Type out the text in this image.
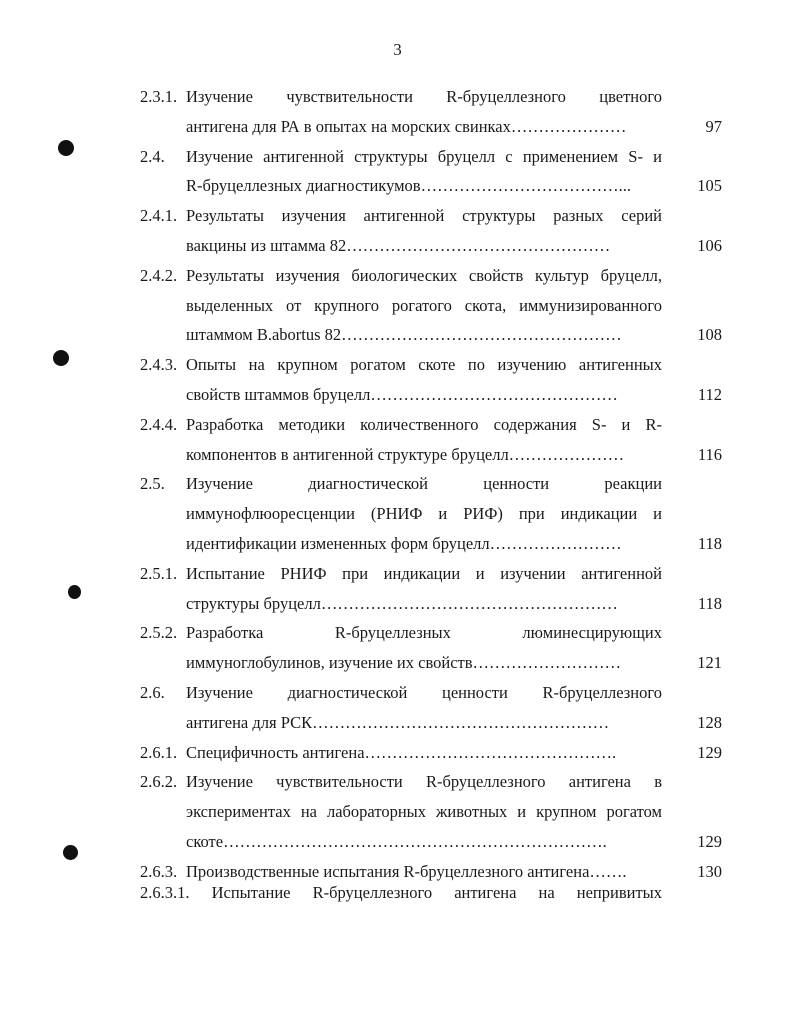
3
2.3.1. Изучение чувствительности R-бруцеллезного цветного
антигена для РА в опытах на морских свинках…………………	97
2.4. Изучение антигенной структуры бруцелл с применением S- и
R-бруцеллезных диагностикумов………………………………...	105
2.4.1. Результаты изучения антигенной структуры разных серий
вакцины из штамма 82…………………………………………	106
2.4.2. Результаты изучения биологических свойств культур бруцелл,
выделенных от крупного рогатого скота, иммунизированного
штаммом B.abortus 82……………………………………………	108
2.4.3. Опыты на крупном рогатом скоте по изучению антигенных
свойств штаммов бруцелл………………………………………	112
2.4.4. Разработка методики количественного содержания S- и R-
компонентов в антигенной структуре бруцелл…………………	116
2.5. Изучение диагностической ценности реакции
иммунофлюоресценции (РНИФ и РИФ) при индикации и
идентификации измененных форм бруцелл……………………	118
2.5.1. Испытание РНИФ при индикации и изучении антигенной
структуры бруцелл………………………………………………	118
2.5.2. Разработка R-бруцеллезных люминесцирующих
иммуноглобулинов, изучение их свойств………………………	121
2.6. Изучение диагностической ценности R-бруцеллезного
антигена для РСК………………………………………………	128
2.6.1. Специфичность антигена……………………………………….	129
2.6.2. Изучение чувствительности R-бруцеллезного антигена в
экспериментах на лабораторных животных и крупном рогатом
скоте…………………………………………………………….	129
2.6.3. Производственные испытания R-бруцеллезного антигена…….	130
2.6.3.1. Испытание R-бруцеллезного антигена на непривитых
